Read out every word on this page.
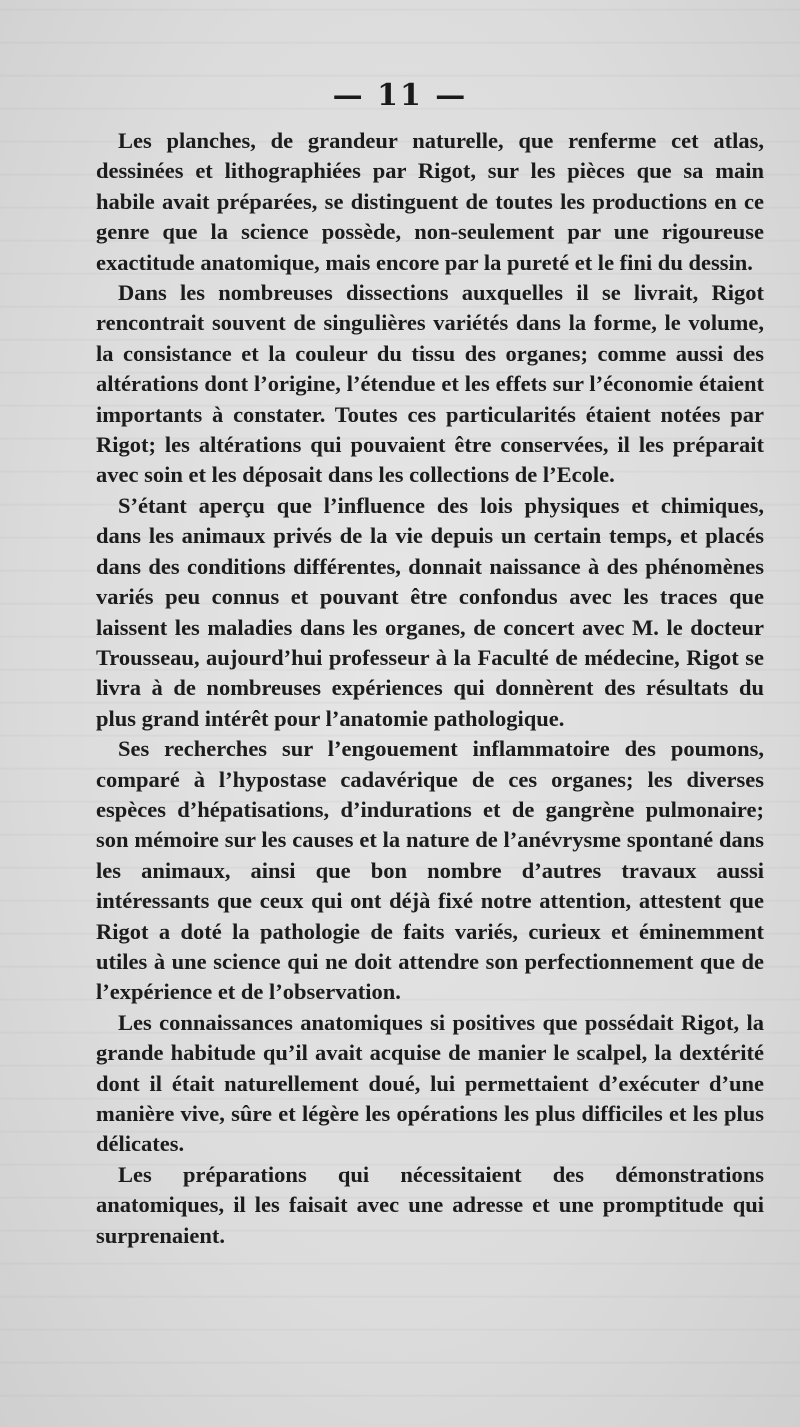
— 11 —

Les planches, de grandeur naturelle, que renferme cet atlas, dessinées et lithographiées par Rigot, sur les pièces que sa main habile avait préparées, se distinguent de toutes les productions en ce genre que la science possède, non-seulement par une rigoureuse exactitude anatomique, mais encore par la pureté et le fini du dessin.

Dans les nombreuses dissections auxquelles il se livrait, Rigot rencontrait souvent de singulières variétés dans la forme, le volume, la consistance et la couleur du tissu des organes; comme aussi des altérations dont l’origine, l’étendue et les effets sur l’économie étaient importants à constater. Toutes ces particularités étaient notées par Rigot; les altérations qui pouvaient être conservées, il les préparait avec soin et les déposait dans les collections de l’Ecole.

S’étant aperçu que l’influence des lois physiques et chimiques, dans les animaux privés de la vie depuis un certain temps, et placés dans des conditions différentes, donnait naissance à des phénomènes variés peu connus et pouvant être confondus avec les traces que laissent les maladies dans les organes, de concert avec M. le docteur Trousseau, aujourd’hui professeur à la Faculté de médecine, Rigot se livra à de nombreuses expériences qui donnèrent des résultats du plus grand intérêt pour l’anatomie pathologique.

Ses recherches sur l’engouement inflammatoire des poumons, comparé à l’hypostase cadavérique de ces organes; les diverses espèces d’hépatisations, d’indurations et de gangrène pulmonaire; son mémoire sur les causes et la nature de l’anévrysme spontané dans les animaux, ainsi que bon nombre d’autres travaux aussi intéressants que ceux qui ont déjà fixé notre attention, attestent que Rigot a doté la pathologie de faits variés, curieux et éminemment utiles à une science qui ne doit attendre son perfectionnement que de l’expérience et de l’observation.

Les connaissances anatomiques si positives que possédait Rigot, la grande habitude qu’il avait acquise de manier le scalpel, la dextérité dont il était naturellement doué, lui permettaient d’exécuter d’une manière vive, sûre et légère les opérations les plus difficiles et les plus délicates.

Les préparations qui nécessitaient des démonstrations anatomiques, il les faisait avec une adresse et une promptitude qui surprenaient.
